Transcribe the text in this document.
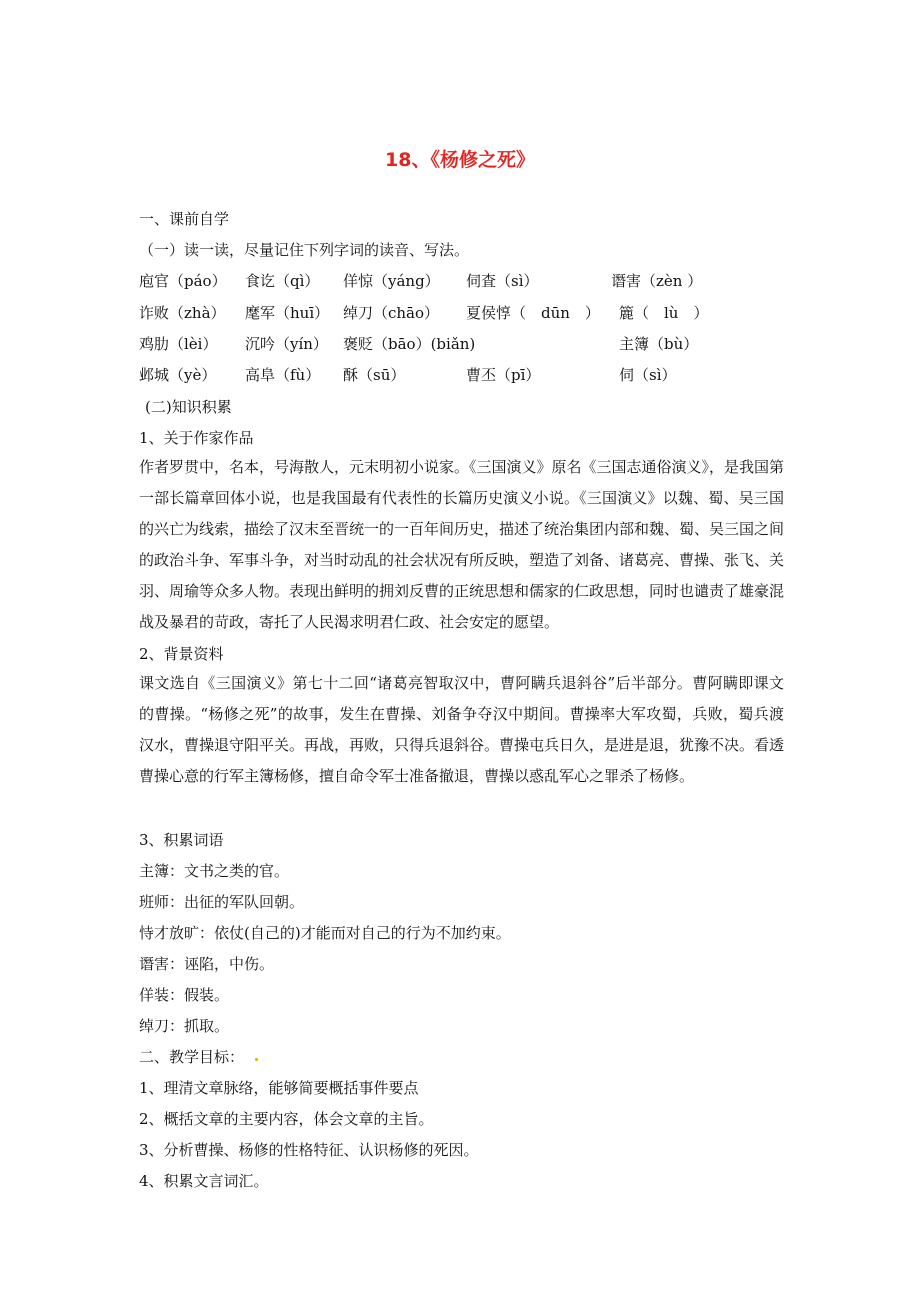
18、《杨修之死》
一、课前自学
（一）读一读，尽量记住下列字词的读音、写法。
庖官（páo） 食讫（qì） 佯惊（yáng） 伺査（sì）	谮害（zèn ）
诈败（zhà） 麾军（huī） 绰刀（chāo） 夏侯惇（　dūn　） 簏（　lù　）
鸡肋（lèi） 沉吟（yín） 褒贬（bāo）(biǎn)	主簿（bù）
邺城（yè） 高阜（fù） 酥（sū）	曹丕（pī）	伺（sì）
(二)知识积累
1、关于作家作品
作者罗贯中，名本，号海散人，元末明初小说家。《三国演义》原名《三国志通俗演义》，是我国第一部长篇章回体小说，也是我国最有代表性的长篇历史演义小说。《三国演义》以魏、蜀、吴三国的兴亡为线索，描绘了汉末至晋统一的一百年间历史，描述了统治集团内部和魏、蜀、吴三国之间的政治斗争、军事斗争，对当时动乱的社会状况有所反映，塑造了刘备、诸葛亮、曹操、张飞、关羽、周瑜等众多人物。表现出鲜明的拥刘反曹的正统思想和儒家的仁政思想，同时也谴责了雄豪混战及暴君的苛政，寄托了人民渴求明君仁政、社会安定的愿望。
2、背景资料
课文选自《三国演义》第七十二回“诸葛亮智取汉中，曹阿瞒兵退斜谷”后半部分。曹阿瞒即课文的曹操。“杨修之死”的故事，发生在曹操、刘备争夺汉中期间。曹操率大军攻蜀，兵败，蜀兵渡汉水，曹操退守阳平关。再战，再败，只得兵退斜谷。曹操屯兵日久，是进是退，犹豫不决。看透曹操心意的行军主簿杨修，擅自命令军士准备撤退，曹操以惑乱军心之罪杀了杨修。
3、积累词语
主簿：文书之类的官。
班师：出征的军队回朝。
恃才放旷：依仗(自己的)才能而对自己的行为不加约束。
谮害：诬陷，中伤。
佯装：假装。
绰刀：抓取。
二、教学目标：
1、理清文章脉络，能够简要概括事件要点
2、概括文章的主要内容，体会文章的主旨。
3、分析曹操、杨修的性格特征、认识杨修的死因。
4、积累文言词汇。
